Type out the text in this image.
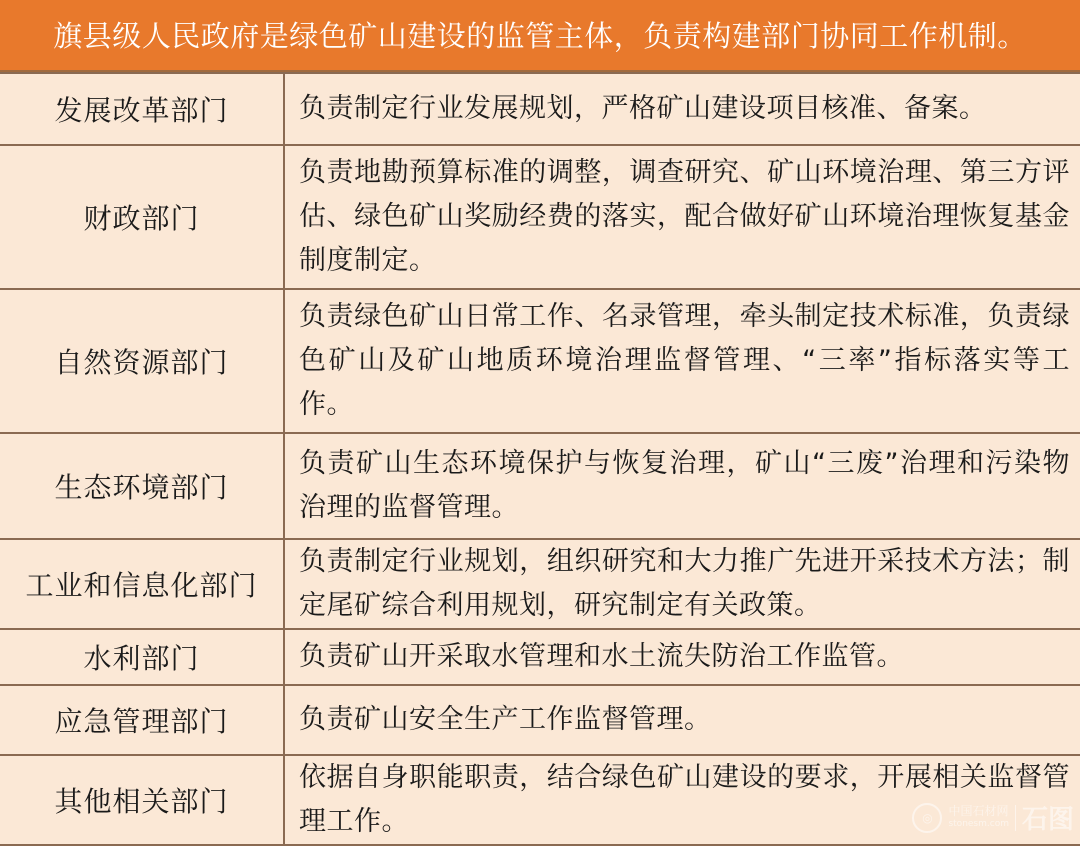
旗县级人民政府是绿色矿山建设的监管主体，负责构建部门协同工作机制。
发展改革部门	负责制定行业发展规划，严格矿山建设项目核准、备案。
财政部门	负责地勘预算标准的调整，调查研究、矿山环境治理、第三方评估、绿色矿山奖励经费的落实，配合做好矿山环境治理恢复基金制度制定。
自然资源部门	负责绿色矿山日常工作、名录管理，牵头制定技术标准，负责绿色矿山及矿山地质环境治理监督管理、“三率”指标落实等工作。
生态环境部门	负责矿山生态环境保护与恢复治理，矿山“三废”治理和污染物治理的监督管理。
工业和信息化部门	负责制定行业规划，组织研究和大力推广先进开采技术方法；制定尾矿综合利用规划，研究制定有关政策。
水利部门	负责矿山开采取水管理和水土流失防治工作监管。
应急管理部门	负责矿山安全生产工作监督管理。
其他相关部门	依据自身职能职责，结合绿色矿山建设的要求，开展相关监督管理工作。	◎	中国石材网
stonesm.com 石图
